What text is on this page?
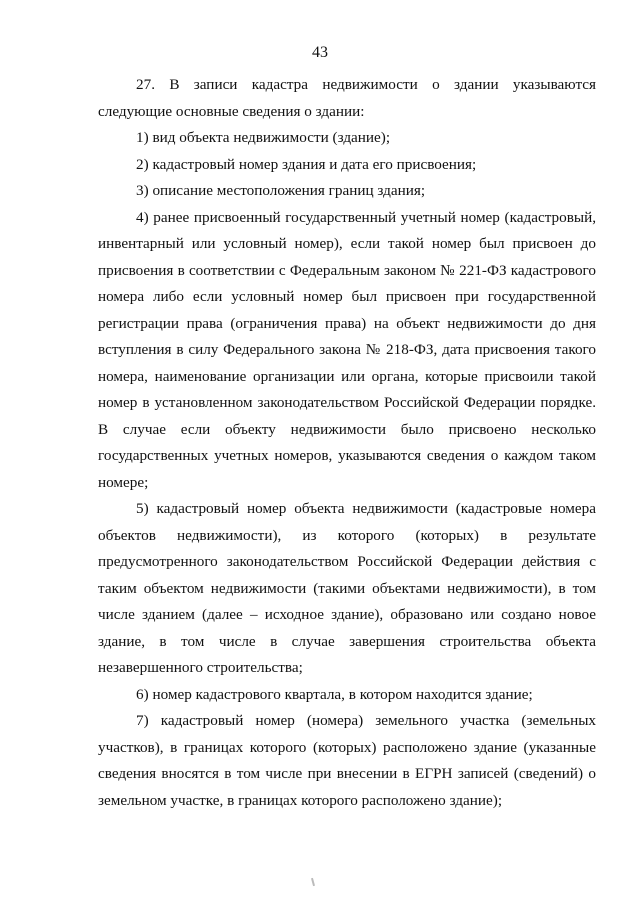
43

27. В записи кадастра недвижимости о здании указываются следующие основные сведения о здании:

1) вид объекта недвижимости (здание);

2) кадастровый номер здания и дата его присвоения;

3) описание местоположения границ здания;

4) ранее присвоенный государственный учетный номер (кадастровый, инвентарный или условный номер), если такой номер был присвоен до присвоения в соответствии с Федеральным законом № 221-ФЗ кадастрового номера либо если условный номер был присвоен при государственной регистрации права (ограничения права) на объект недвижимости до дня вступления в силу Федерального закона № 218-ФЗ, дата присвоения такого номера, наименование организации или органа, которые присвоили такой номер в установленном законодательством Российской Федерации порядке. В случае если объекту недвижимости было присвоено несколько государственных учетных номеров, указываются сведения о каждом таком номере;

5) кадастровый номер объекта недвижимости (кадастровые номера объектов недвижимости), из которого (которых) в результате предусмотренного законодательством Российской Федерации действия с таким объектом недвижимости (такими объектами недвижимости), в том числе зданием (далее – исходное здание), образовано или создано новое здание, в том числе в случае завершения строительства объекта незавершенного строительства;

6) номер кадастрового квартала, в котором находится здание;

7) кадастровый номер (номера) земельного участка (земельных участков), в границах которого (которых) расположено здание (указанные сведения вносятся в том числе при внесении в ЕГРН записей (сведений) о земельном участке, в границах которого расположено здание);
